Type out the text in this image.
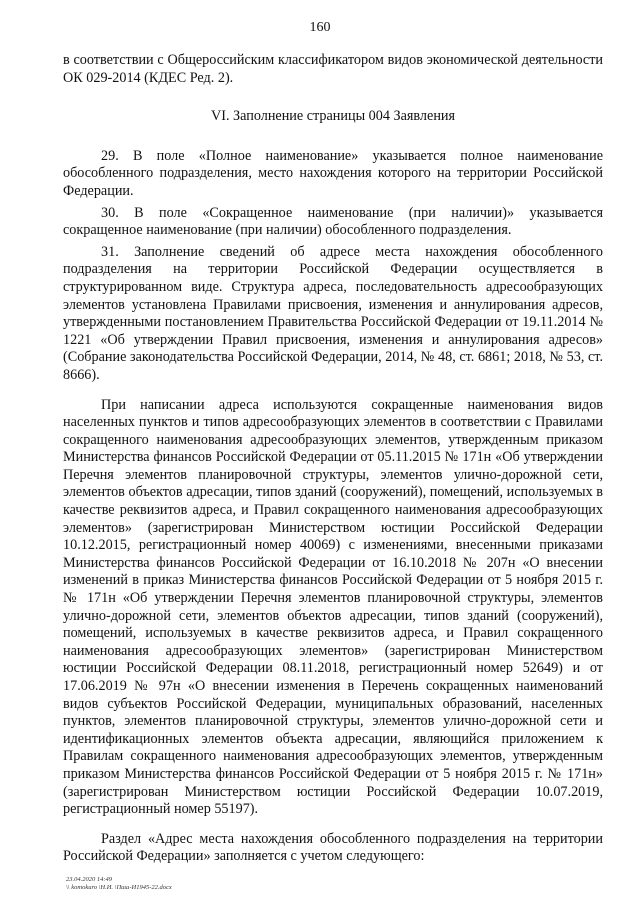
160

в соответствии с Общероссийским классификатором видов экономической деятельности ОК 029-2014 (КДЕС Ред. 2).

VI. Заполнение страницы 004 Заявления

29. В поле «Полное наименование» указывается полное наименование обособленного подразделения, место нахождения которого на территории Российской Федерации.

30. В поле «Сокращенное наименование (при наличии)» указывается сокращенное наименование (при наличии) обособленного подразделения.

31. Заполнение сведений об адресе места нахождения обособленного подразделения на территории Российской Федерации осуществляется в структурированном виде. Структура адреса, последовательность адресообразующих элементов установлена Правилами присвоения, изменения и аннулирования адресов, утвержденными постановлением Правительства Российской Федерации от 19.11.2014 № 1221 «Об утверждении Правил присвоения, изменения и аннулирования адресов» (Собрание законодательства Российской Федерации, 2014, № 48, ст. 6861; 2018, № 53, ст. 8666).

При написании адреса используются сокращенные наименования видов населенных пунктов и типов адресообразующих элементов в соответствии с Правилами сокращенного наименования адресообразующих элементов, утвержденным приказом Министерства финансов Российской Федерации от 05.11.2015 № 171н «Об утверждении Перечня элементов планировочной структуры, элементов улично-дорожной сети, элементов объектов адресации, типов зданий (сооружений), помещений, используемых в качестве реквизитов адреса, и Правил сокращенного наименования адресообразующих элементов» (зарегистрирован Министерством юстиции Российской Федерации 10.12.2015, регистрационный номер 40069) с изменениями, внесенными приказами Министерства финансов Российской Федерации от 16.10.2018 № 207н «О внесении изменений в приказ Министерства финансов Российской Федерации от 5 ноября 2015 г. № 171н «Об утверждении Перечня элементов планировочной структуры, элементов улично-дорожной сети, элементов объектов адресации, типов зданий (сооружений), помещений, используемых в качестве реквизитов адреса, и Правил сокращенного наименования адресообразующих элементов» (зарегистрирован Министерством юстиции Российской Федерации 08.11.2018, регистрационный номер 52649) и от 17.06.2019 № 97н «О внесении изменения в Перечень сокращенных наименований видов субъектов Российской Федерации, муниципальных образований, населенных пунктов, элементов планировочной структуры, элементов улично-дорожной сети и идентификационных элементов объекта адресации, являющийся приложением к Правилам сокращенного наименования адресообразующих элементов, утвержденным приказом Министерства финансов Российской Федерации от 5 ноября 2015 г. № 171н» (зарегистрирован Министерством юстиции Российской Федерации 10.07.2019, регистрационный номер 55197).

Раздел «Адрес места нахождения обособленного подразделения на территории Российской Федерации» заполняется с учетом следующего:

23.04.2020 14:49
\\ komokuro \Н.И. \Пиш-И1945-22.docx
